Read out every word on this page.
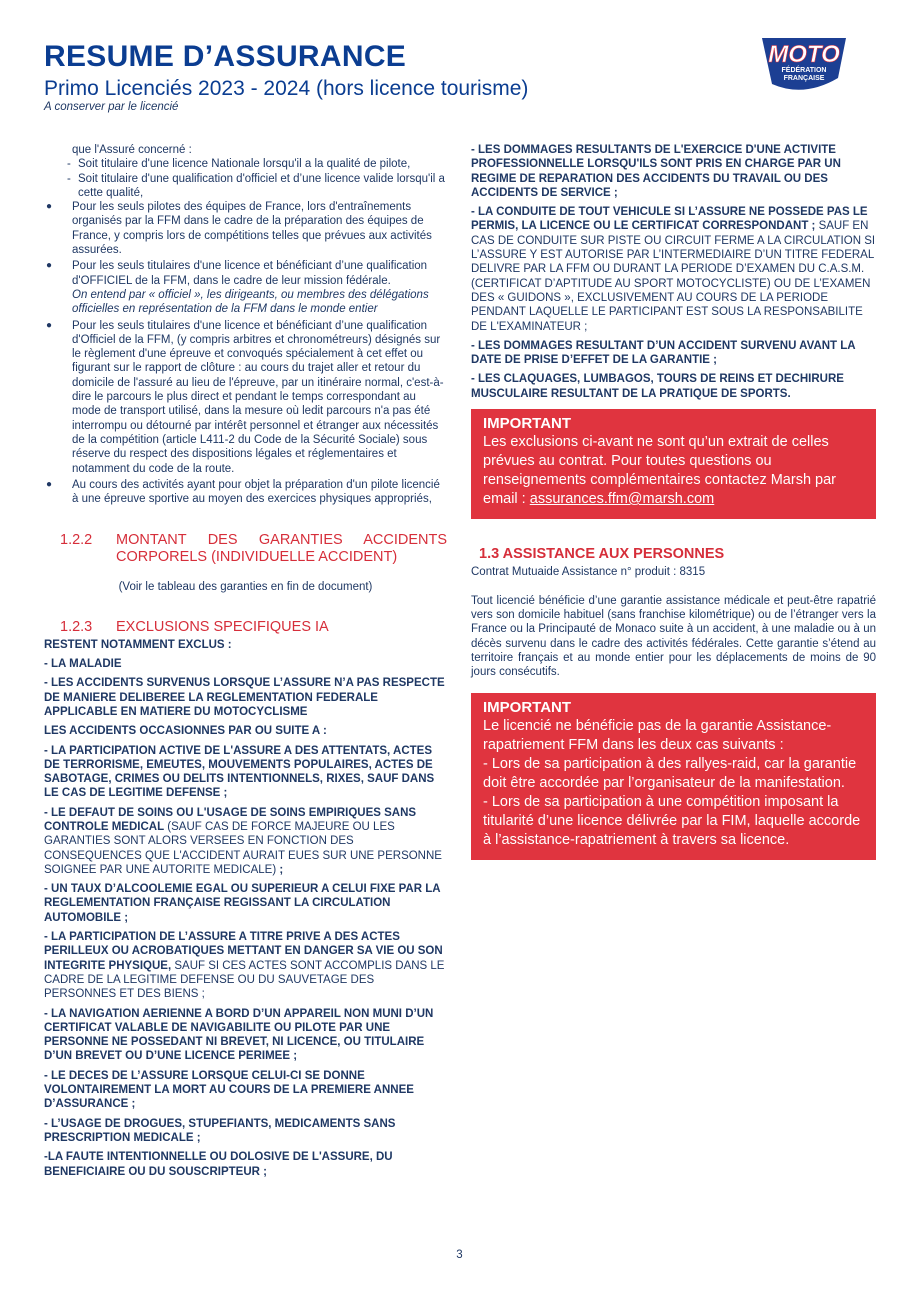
RESUME D’ASSURANCE
Primo Licenciés 2023 - 2024 (hors licence tourisme)
A conserver par le licencié
MOTO
FÉDÉRATION
FRANÇAISE
que l'Assuré concerné :
- Soit titulaire d'une licence Nationale lorsqu'il a la qualité de pilote,
- Soit titulaire d'une qualification d'officiel et d’une licence valide lorsqu'il a cette qualité,
● Pour les seuls pilotes des équipes de France, lors d'entraînements organisés par la FFM dans le cadre de la préparation des équipes de France, y compris lors de compétitions telles que prévues aux activités assurées.
● Pour les seuls titulaires d'une licence et bénéficiant d’une qualification d'OFFICIEL de la FFM, dans le cadre de leur mission fédérale.
On entend par « officiel », les dirigeants, ou membres des délégations officielles en représentation de la FFM dans le monde entier
● Pour les seuls titulaires d'une licence et bénéficiant d’une qualification d'Officiel de la FFM, (y compris arbitres et chronométreurs) désignés sur le règlement d'une épreuve et convoqués spécialement à cet effet ou figurant sur le rapport de clôture : au cours du trajet aller et retour du domicile de l'assuré au lieu de l'épreuve, par un itinéraire normal, c'est-à-dire le parcours le plus direct et pendant le temps correspondant au mode de transport utilisé, dans la mesure où ledit parcours n'a pas été interrompu ou détourné par intérêt personnel et étranger aux nécessités de la compétition (article L411-2 du Code de la Sécurité Sociale) sous réserve du respect des dispositions légales et réglementaires et notamment du code de la route.
● Au cours des activités ayant pour objet la préparation d'un pilote licencié à une épreuve sportive au moyen des exercices physiques appropriés,
1.2.2	MONTANT DES GARANTIES ACCIDENTS CORPORELS (INDIVIDUELLE ACCIDENT)
(Voir le tableau des garanties en fin de document)
1.2.3	EXCLUSIONS SPECIFIQUES IA

RESTENT NOTAMMENT EXCLUS :

- LA MALADIE

- LES ACCIDENTS SURVENUS LORSQUE L’ASSURE N’A PAS RESPECTE DE MANIERE DELIBEREE LA REGLEMENTATION FEDERALE APPLICABLE EN MATIERE DU MOTOCYCLISME

LES ACCIDENTS OCCASIONNES PAR OU SUITE A :

- LA PARTICIPATION ACTIVE DE L'ASSURE A DES ATTENTATS, ACTES DE TERRORISME, EMEUTES, MOUVEMENTS POPULAIRES, ACTES DE SABOTAGE, CRIMES OU DELITS INTENTIONNELS, RIXES, SAUF DANS LE CAS DE LEGITIME DEFENSE ;

- LE DEFAUT DE SOINS OU L'USAGE DE SOINS EMPIRIQUES SANS CONTROLE MEDICAL (SAUF CAS DE FORCE MAJEURE OU LES GARANTIES SONT ALORS VERSEES EN FONCTION DES CONSEQUENCES QUE L'ACCIDENT AURAIT EUES SUR UNE PERSONNE SOIGNEE PAR UNE AUTORITE MEDICALE) ;

- UN TAUX D’ALCOOLEMIE EGAL OU SUPERIEUR A CELUI FIXE PAR LA REGLEMENTATION FRANÇAISE REGISSANT LA CIRCULATION AUTOMOBILE ;

- LA PARTICIPATION DE L’ASSURE A TITRE PRIVE A DES ACTES PERILLEUX OU ACROBATIQUES METTANT EN DANGER SA VIE OU SON INTEGRITE PHYSIQUE, SAUF SI CES ACTES SONT ACCOMPLIS DANS LE CADRE DE LA LEGITIME DEFENSE OU DU SAUVETAGE DES PERSONNES ET DES BIENS ;

- LA NAVIGATION AERIENNE A BORD D’UN APPAREIL NON MUNI D’UN CERTIFICAT VALABLE DE NAVIGABILITE OU PILOTE PAR UNE PERSONNE NE POSSEDANT NI BREVET, NI LICENCE, OU TITULAIRE D’UN BREVET OU D’UNE LICENCE PERIMEE ;

- LE DECES DE L’ASSURE LORSQUE CELUI-CI SE DONNE VOLONTAIREMENT LA MORT AU COURS DE LA PREMIERE ANNEE D’ASSURANCE ;

- L’USAGE DE DROGUES, STUPEFIANTS, MEDICAMENTS SANS PRESCRIPTION MEDICALE ;

-LA FAUTE INTENTIONNELLE OU DOLOSIVE DE L'ASSURE, DU BENEFICIAIRE OU DU SOUSCRIPTEUR ;

- LES DOMMAGES RESULTANTS DE L'EXERCICE D'UNE ACTIVITE PROFESSIONNELLE LORSQU'ILS SONT PRIS EN CHARGE PAR UN REGIME DE REPARATION DES ACCIDENTS DU TRAVAIL OU DES ACCIDENTS DE SERVICE ;

- LA CONDUITE DE TOUT VEHICULE SI L’ASSURE NE POSSEDE PAS LE PERMIS, LA LICENCE OU LE CERTIFICAT CORRESPONDANT ; SAUF EN CAS DE CONDUITE SUR PISTE OU CIRCUIT FERME A LA CIRCULATION SI L’ASSURE Y EST AUTORISE PAR L’INTERMEDIAIRE D’UN TITRE FEDERAL DELIVRE PAR LA FFM OU DURANT LA PERIODE D’EXAMEN DU C.A.S.M. (CERTIFICAT D’APTITUDE AU SPORT MOTOCYCLISTE) OU DE L’EXAMEN DES « GUIDONS », EXCLUSIVEMENT AU COURS DE LA PERIODE PENDANT LAQUELLE LE PARTICIPANT EST SOUS LA RESPONSABILITE DE L'EXAMINATEUR ;

- LES DOMMAGES RESULTANT D’UN ACCIDENT SURVENU AVANT LA DATE DE PRISE D’EFFET DE LA GARANTIE ;

- LES CLAQUAGES, LUMBAGOS, TOURS DE REINS ET DECHIRURE MUSCULAIRE RESULTANT DE LA PRATIQUE DE SPORTS.

IMPORTANT
Les exclusions ci-avant ne sont qu’un extrait de celles prévues au contrat. Pour toutes questions ou renseignements complémentaires contactez Marsh par email : assurances.ffm@marsh.com
1.3 ASSISTANCE AUX PERSONNES
Contrat Mutuaide Assistance n° produit : 8315
Tout licencié bénéficie d’une garantie assistance médicale et peut-être rapatrié vers son domicile habituel (sans franchise kilométrique) ou de l’étranger vers la France ou la Principauté de Monaco suite à un accident, à une maladie ou à un décès survenu dans le cadre des activités fédérales. Cette garantie s’étend au territoire français et au monde entier pour les déplacements de moins de 90 jours consécutifs.
IMPORTANT
Le licencié ne bénéficie pas de la garantie Assistance-rapatriement FFM dans les deux cas suivants :
- Lors de sa participation à des rallyes-raid, car la garantie doit être accordée par l’organisateur de la manifestation.
- Lors de sa participation à une compétition imposant la titularité d’une licence délivrée par la FIM, laquelle accorde à l’assistance-rapatriement à travers sa licence.
3
